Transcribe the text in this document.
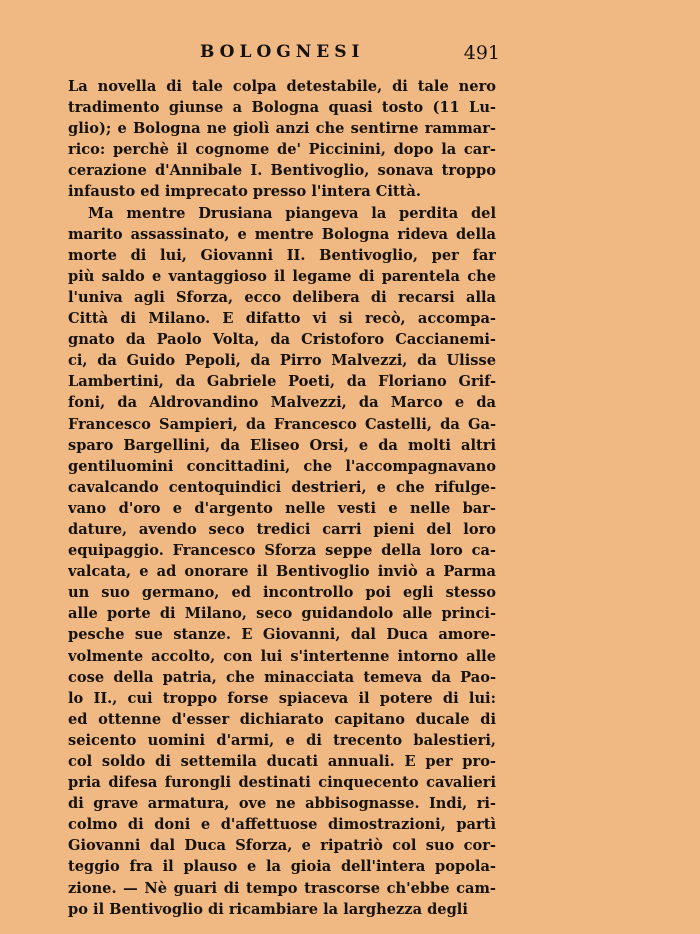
BOLOGNESI	491
La novella di tale colpa detestabile, di tale nero
tradimento giunse a Bologna quasi tosto (11 Lu-
glio); e Bologna ne giolì anzi che sentirne rammar-
rico: perchè il cognome de' Piccinini, dopo la car-
cerazione d'Annibale I. Bentivoglio, sonava troppo
infausto ed imprecato presso l'intera Città.
Ma mentre Drusiana piangeva la perdita del
marito assassinato, e mentre Bologna rideva della
morte di lui, Giovanni II. Bentivoglio, per far
più saldo e vantaggioso il legame di parentela che
l'univa agli Sforza, ecco delibera di recarsi alla
Città di Milano. E difatto vi si recò, accompa-
gnato da Paolo Volta, da Cristoforo Caccianemi-
ci, da Guido Pepoli, da Pirro Malvezzi, da Ulisse
Lambertini, da Gabriele Poeti, da Floriano Grif-
foni, da Aldrovandino Malvezzi, da Marco e da
Francesco Sampieri, da Francesco Castelli, da Ga-
sparo Bargellini, da Eliseo Orsi, e da molti altri
gentiluomini concittadini, che l'accompagnavano
cavalcando centoquindici destrieri, e che rifulge-
vano d'oro e d'argento nelle vesti e nelle bar-
dature, avendo seco tredici carri pieni del loro
equipaggio. Francesco Sforza seppe della loro ca-
valcata, e ad onorare il Bentivoglio inviò a Parma
un suo germano, ed incontrollo poi egli stesso
alle porte di Milano, seco guidandolo alle princi-
pesche sue stanze. E Giovanni, dal Duca amore-
volmente accolto, con lui s'intertenne intorno alle
cose della patria, che minacciata temeva da Pao-
lo II., cui troppo forse spiaceva il potere di lui:
ed ottenne d'esser dichiarato capitano ducale di
seicento uomini d'armi, e di trecento balestieri,
col soldo di settemila ducati annuali. E per pro-
pria difesa furongli destinati cinquecento cavalieri
di grave armatura, ove ne abbisognasse. Indi, ri-
colmo di doni e d'affettuose dimostrazioni, partì
Giovanni dal Duca Sforza, e ripatriò col suo cor-
teggio fra il plauso e la gioia dell'intera popola-
zione. — Nè guari di tempo trascorse ch'ebbe cam-
po il Bentivoglio di ricambiare la larghezza degli
